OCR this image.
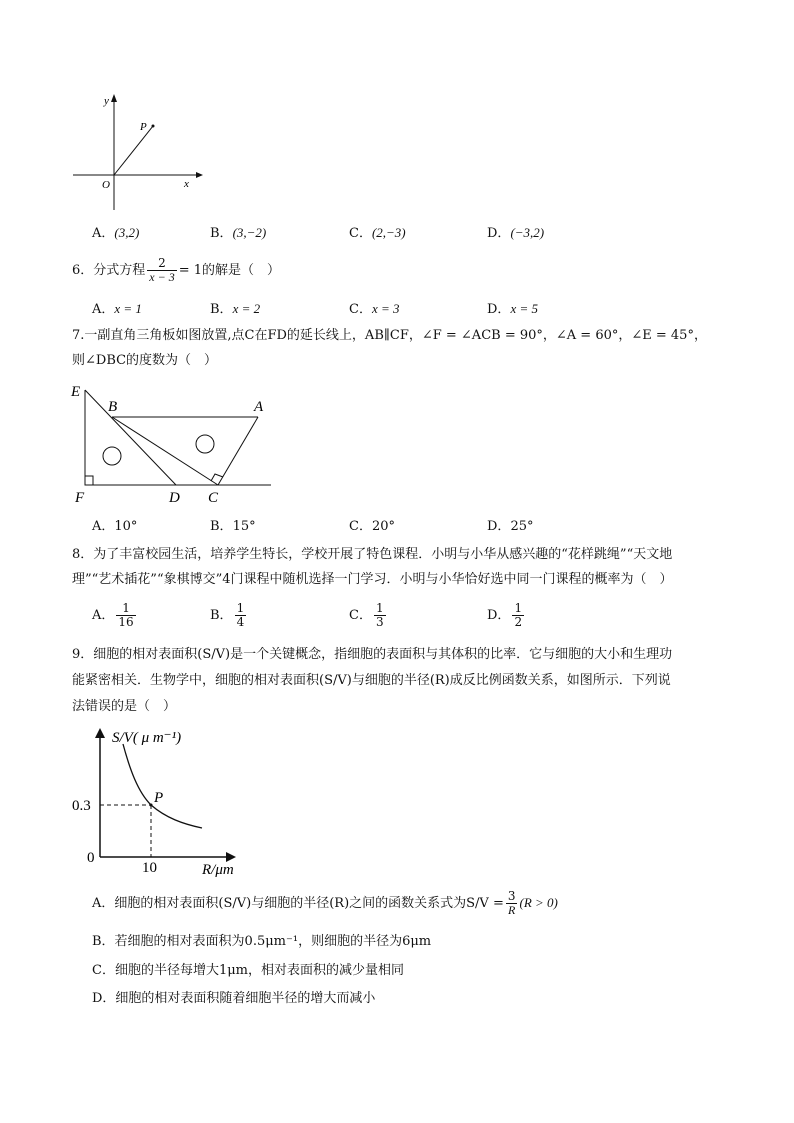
y
P
O	x
A．(3,2)	B．(3,−2)	C．(2,−3)	D．(−3,2)
6．分式方程 $\frac{2}{x - 3} = 1$的解是（　）
A．x = 1	B．x = 2	C．x = 3	D．x = 5
7.一副直角三角板如图放置,点C在FD的延长线上，AB∥CF，∠F = ∠ACB = 90°，∠A = 60°，∠E = 45°，
则∠DBC的度数为（　）
E
B	A
F	D C
A．10°	B．15°	C．20°	D．25°
8．为了丰富校园生活，培养学生特长，学校开展了特色课程．小明与小华从感兴趣的“花样跳绳”“天文地
理”“艺术插花”“象棋博交”4门课程中随机选择一门学习．小明与小华恰好选中同一门课程的概率为（　）
A． $\frac{1}{16}$	B． $\frac{1}{4}$	C． $\frac{1}{3}$	D． $\frac{1}{2}$
9．细胞的相对表面积(S/V)是一个关键概念，指细胞的表面积与其体积的比率．它与细胞的大小和生理功
能紧密相关．生物学中，细胞的相对表面积(S/V)与细胞的半径(R)成反比例函数关系，如图所示．下列说
法错误的是（　）
S/V( μ m⁻¹)
0.3
0
10
P
R/μm
A．细胞的相对表面积(S/V)与细胞的半径(R)之间的函数关系式为$S/V = \frac{3}{R} (R > 0)$
B．若细胞的相对表面积为0.5μm⁻¹，则细胞的半径为6μm
C．细胞的半径每增大1μm，相对表面积的减少量相同
D．细胞的相对表面积随着细胞半径的增大而减小
